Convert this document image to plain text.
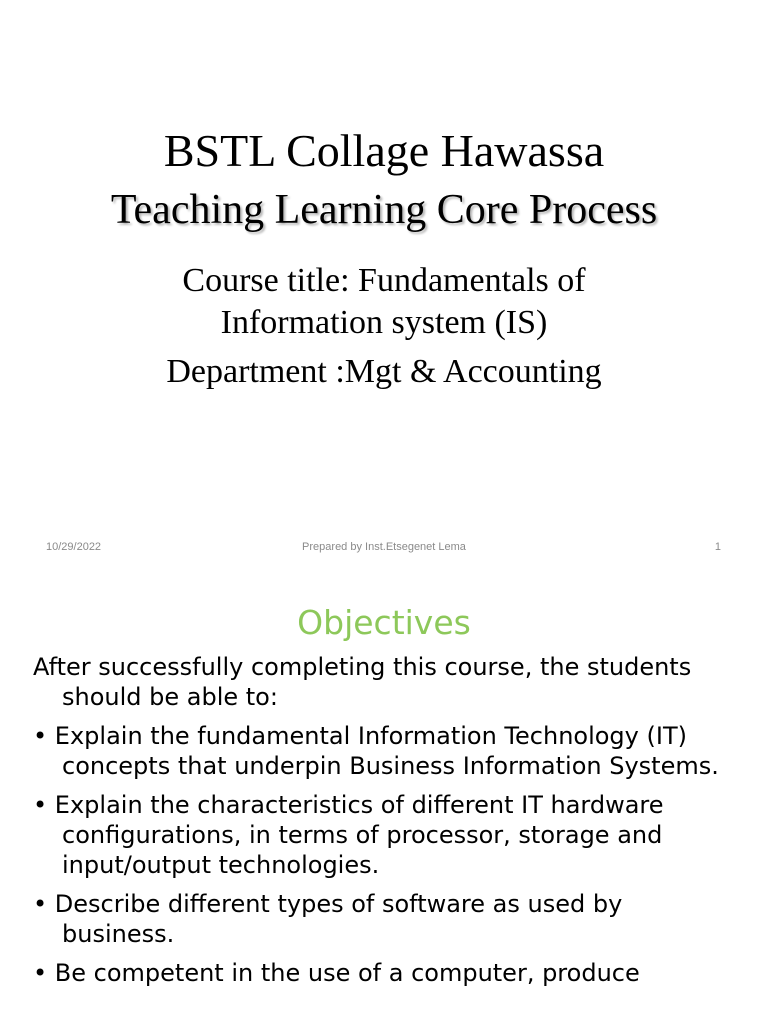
BSTL Collage Hawassa
Teaching Learning Core Process
Course title: Fundamentals of Information system (IS)
Department :Mgt & Accounting
10/29/2022	Prepared by Inst.Etsegenet Lema	1
Objectives

After successfully completing this course, the students should be able to:

• Explain the fundamental Information Technology (IT) concepts that underpin Business Information Systems.

• Explain the characteristics of different IT hardware configurations, in terms of processor, storage and input/output technologies.

• Describe different types of software as used by business.

• Be competent in the use of a computer, produce
